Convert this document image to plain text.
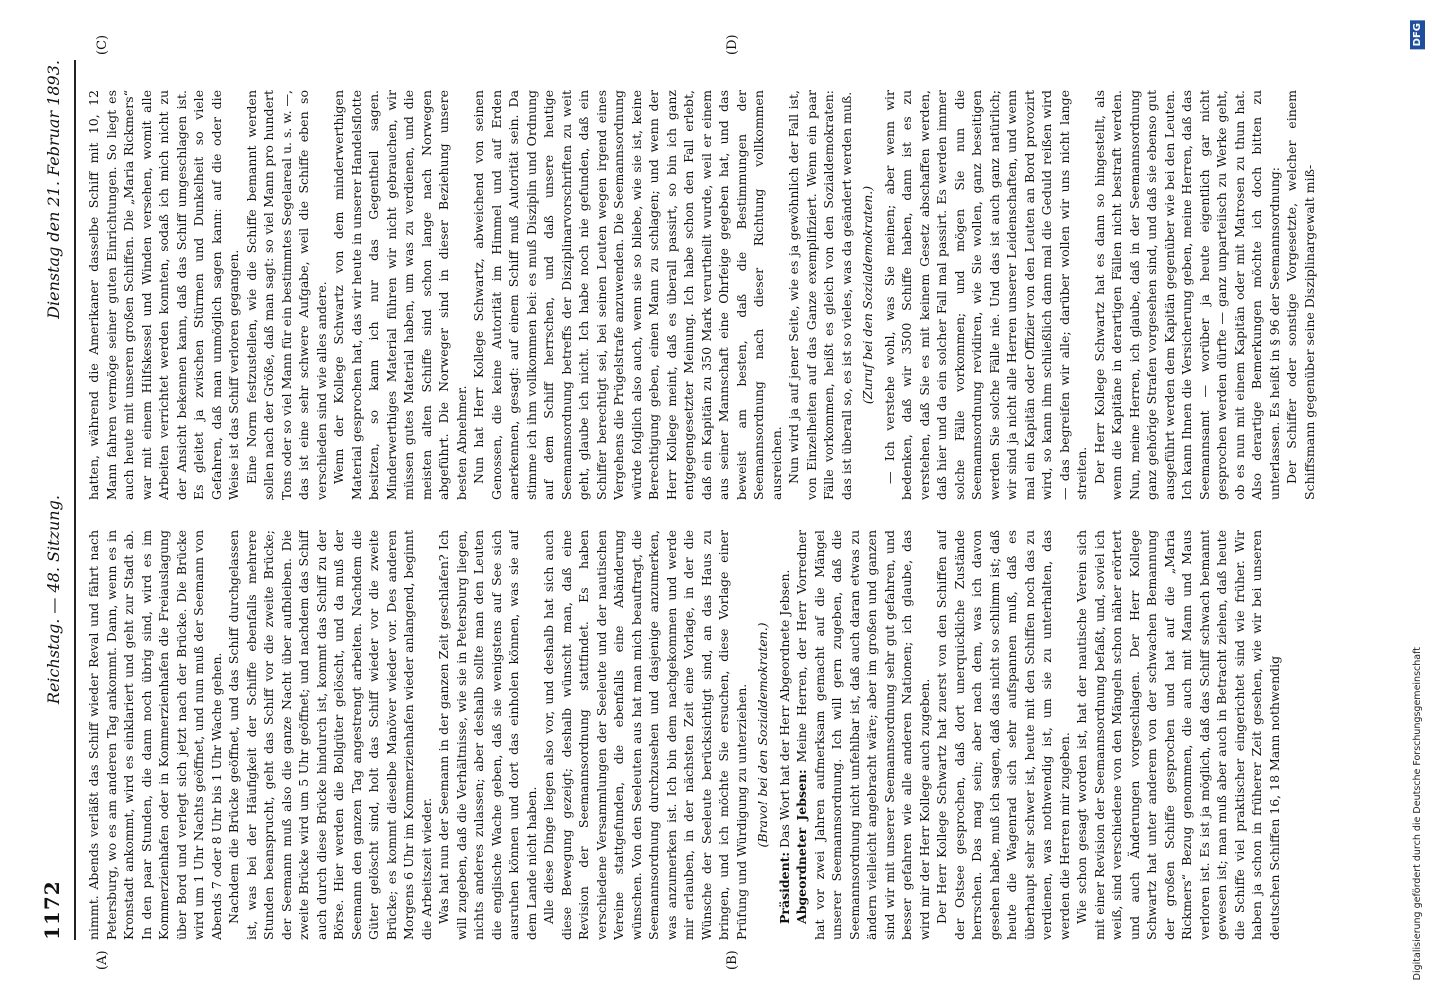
1172
Reichstag. — 48. Sitzung.
Dienstag den 21. Februar 1893.
(A)	(B)
(C)	(D)

nimmt. Abends verläßt das Schiff wieder Reval und fährt nach Petersburg, wo es am anderen Tag ankommt. Dann, wenn es in Kronstadt ankommt, wird es einklariert und geht zur Stadt ab. In den paar Stunden, die dann noch übrig sind, wird es im Kommerzienhafen oder in Kommerzienhafen die Freiauslagung über Bord und verlegt sich jetzt nach der Brücke. Die Brücke wird um 1 Uhr Nachts geöffnet, und nun muß der Seemann von Abends 7 oder 8 Uhr bis 1 Uhr Wache gehen. Nachdem die Brücke geöffnet, und das Schiff durchgelassen ist, was bei der Häufigkeit der Schiffe ebenfalls mehrere Stunden beansprucht, geht das Schiff vor die zweite Brücke; der Seemann muß also die ganze Nacht über aufbleiben. Die zweite Brücke wird um 5 Uhr geöffnet; und nachdem das Schiff auch durch diese Brücke hindurch ist, kommt das Schiff zu der Börse. Hier werden die Bollgüter gelöscht, und da muß der Seemann den ganzen Tag angestrengt arbeiten. Nachdem die Güter gelöscht sind, holt das Schiff wieder vor die zweite Brücke; es kommt dieselbe Manöver wieder vor. Des anderen Morgens 6 Uhr im Kommerzienhafen wieder anlangend, beginnt die Arbeitszeit wieder. Was hat nun der Seemann in der ganzen Zeit geschlafen? Ich will zugeben, daß die Verhältnisse, wie sie in Petersburg liegen, nichts anderes zulassen; aber deshalb sollte man den Leuten die englische Wache geben, daß sie wenigstens auf See sich ausruhen können und dort das einholen können, was sie auf dem Lande nicht haben. Alle diese Dinge liegen also vor, und deshalb hat sich auch diese Bewegung gezeigt; deshalb wünscht man, daß eine Revision der Seemannsordnung stattfindet. Es haben verschiedene Versammlungen der Seeleute und der nautischen Vereine stattgefunden, die ebenfalls eine Abänderung wünschen. Von den Seeleuten aus hat man mich beauftragt, die Seemannsordnung durchzusehen und dasjenige anzumerken, was anzumerken ist. Ich bin dem nachgekommen und werde mir erlauben, in der nächsten Zeit eine Vorlage, in der die Wünsche der Seeleute berücksichtigt sind, an das Haus zu bringen, und ich möchte Sie ersuchen, diese Vorlage einer Prüfung und Würdigung zu unterziehen. (Bravo! bei den Sozialdemokraten.)

Präsident: Das Wort hat der Herr Abgeordnete Jebsen. Abgeordneter Jebsen: Meine Herren, der Herr Vorredner hat vor zwei Jahren aufmerksam gemacht auf die Mängel unserer Seemannsordnung. Ich will gern zugeben, daß die Seemannsordnung nicht unfehlbar ist, daß auch daran etwas zu ändern vielleicht angebracht wäre; aber im großen und ganzen sind wir mit unserer Seemannsordnung sehr gut gefahren, und besser gefahren wie alle anderen Nationen; ich glaube, das wird mir der Herr Kollege auch zugeben. Der Herr Kollege Schwartz hat zuerst von den Schiffen auf der Ostsee gesprochen, daß dort unerquickliche Zustände herrschen. Das mag sein; aber nach dem, was ich davon gesehen habe, muß ich sagen, daß das nicht so schlimm ist; daß heute die Wagenrad sich sehr aufspannen muß, daß es überhaupt sehr schwer ist, heute mit den Schiffen noch das zu verdienen, was nothwendig ist, um sie zu unterhalten, das werden die Herren mir zugeben. Wie schon gesagt worden ist, hat der nautische Verein sich mit einer Revision der Seemannsordnung befaßt, und, soviel ich weiß, sind verschiedene von den Mängeln schon näher erörtert und auch Änderungen vorgeschlagen. Der Herr Kollege Schwartz hat unter anderem von der schwachen Bemannung der großen Schiffe gesprochen und hat auf die „Maria Rickmers“ Bezug genommen, die auch mit Mann und Maus verloren ist. Es ist ja möglich, daß das Schiff schwach bemannt gewesen ist; man muß aber auch in Betracht ziehen, daß heute die Schiffe viel praktischer eingerichtet sind wie früher. Wir haben ja schon in früherer Zeit gesehen, wie wir bei unseren deutschen Schiffen 16, 18 Mann nothwendig

hatten, während die Amerikaner dasselbe Schiff mit 10, 12 Mann fahren vermöge seiner guten Einrichtungen. So liegt es auch heute mit unseren großen Schiffen. Die „Maria Rickmers“ war mit einem Hilfskessel und Winden versehen, womit alle Arbeiten verrichtet werden konnten, sodaß ich mich nicht zu der Ansicht bekennen kann, daß das Schiff umgeschlagen ist. Es gleitet ja zwischen Stürmen und Dunkelheit so viele Gefahren, daß man unmöglich sagen kann: auf die oder die Weise ist das Schiff verloren gegangen. Eine Norm festzustellen, wie die Schiffe bemannt werden sollen nach der Größe, daß man sagt: so viel Mann pro hundert Tons oder so viel Mann für ein bestimmtes Segelareal u. s. w. —, das ist eine sehr schwere Aufgabe, weil die Schiffe eben so verschieden sind wie alles andere. Wenn der Kollege Schwartz von dem minderwerthigen Material gesprochen hat, das wir heute in unserer Handelsflotte besitzen, so kann ich nur das Gegentheil sagen. Minderwerthiges Material führen wir nicht gebrauchen, wir müssen gutes Material haben, um was zu verdienen, und die meisten alten Schiffe sind schon lange nach Norwegen abgeführt. Die Norweger sind in dieser Beziehung unsere besten Abnehmer. Nun hat Herr Kollege Schwartz, abweichend von seinen Genossen, die keine Autorität im Himmel und auf Erden anerkennen, gesagt: auf einem Schiff muß Autorität sein. Da stimme ich ihm vollkommen bei: es muß Disziplin und Ordnung auf dem Schiff herrschen, und daß unsere heutige Seemannsordnung betreffs der Disziplinarvorschriften zu weit geht, glaube ich nicht. Ich habe noch nie gefunden, daß ein Schiffer berechtigt sei, bei seinen Leuten wegen irgend eines Vergehens die Prügelstrafe anzuwenden. Die Seemannsordnung würde folglich also auch, wenn sie so bliebe, wie sie ist, keine Berechtigung geben, einen Mann zu schlagen; und wenn der Herr Kollege meint, daß es überall passirt, so bin ich ganz entgegengesetzter Meinung. Ich habe schon den Fall erlebt, daß ein Kapitän zu 350 Mark verurtheilt wurde, weil er einem aus seiner Mannschaft eine Ohrfeige gegeben hat, und das beweist am besten, daß die Bestimmungen der Seemannsordnung nach dieser Richtung vollkommen ausreichen. Nun wird ja auf jener Seite, wie es ja gewöhnlich der Fall ist, von Einzelheiten auf das Ganze exemplifiziert. Wenn ein paar Fälle vorkommen, heißt es gleich von den Sozialdemokraten: das ist überall so, es ist so vieles, was da geändert werden muß. (Zuruf bei den Sozialdemokraten.) — Ich verstehe wohl, was Sie meinen; aber wenn wir bedenken, daß wir 3500 Schiffe haben, dann ist es zu verstehen, daß Sie es mit keinem Gesetz abschaffen werden, daß hier und da ein solcher Fall mal passirt. Es werden immer solche Fälle vorkommen; und mögen Sie nun die Seemannsordnung revidiren, wie Sie wollen, ganz beseitigen werden Sie solche Fälle nie. Und das ist auch ganz natürlich; wir sind ja nicht alle Herren unserer Leidenschaften, und wenn mal ein Kapitän oder Offizier von den Leuten an Bord provozirt wird, so kann ihm schließlich dann mal die Geduld reißen wird — das begreifen wir alle; darüber wollen wir uns nicht lange streiten. Der Herr Kollege Schwartz hat es dann so hingestellt, als wenn die Kapitäne in derartigen Fällen nicht bestraft werden. Nun, meine Herren, ich glaube, daß in der Seemannsordnung ganz gehörige Strafen vorgesehen sind, und daß sie ebenso gut ausgeführt werden dem Kapitän gegenüber wie bei den Leuten. Ich kann Ihnen die Versicherung geben, meine Herren, daß das Seemannsamt — worüber ja heute eigentlich gar nicht gesprochen werden dürfte — ganz unparteiisch zu Werke geht, ob es nun mit einem Kapitän oder mit Matrosen zu thun hat. Also derartige Bemerkungen möchte ich doch bitten zu unterlassen. Es heißt in § 96 der Seemannsordnung: Der Schiffer oder sonstige Vorgesetzte, welcher einem Schiffsmann gegenüber seine Disziplinargewalt miß-

DFG
Digitalisierung gefördert durch die Deutsche Forschungsgemeinschaft
